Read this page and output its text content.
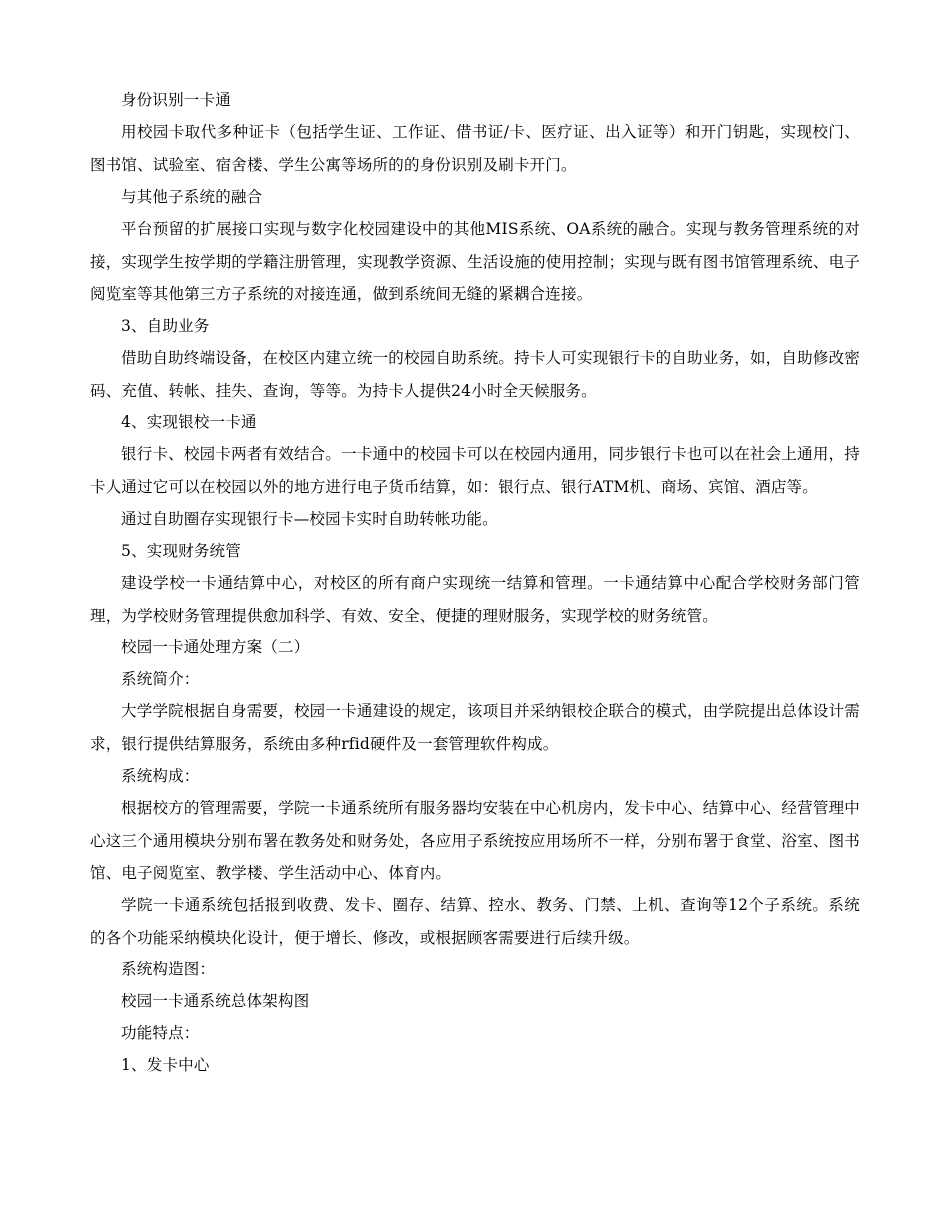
身份识别一卡通

用校园卡取代多种证卡（包括学生证、工作证、借书证/卡、医疗证、出入证等）和开门钥匙，实现校门、图书馆、试验室、宿舍楼、学生公寓等场所的的身份识别及刷卡开门。

与其他子系统的融合

平台预留的扩展接口实现与数字化校园建设中的其他MIS系统、OA系统的融合。实现与教务管理系统的对接，实现学生按学期的学籍注册管理，实现教学资源、生活设施的使用控制；实现与既有图书馆管理系统、电子阅览室等其他第三方子系统的对接连通，做到系统间无缝的紧耦合连接。

3、自助业务

借助自助终端设备，在校区内建立统一的校园自助系统。持卡人可实现银行卡的自助业务，如，自助修改密码、充值、转帐、挂失、查询，等等。为持卡人提供24小时全天候服务。

4、实现银校一卡通

银行卡、校园卡两者有效结合。一卡通中的校园卡可以在校园内通用，同步银行卡也可以在社会上通用，持卡人通过它可以在校园以外的地方进行电子货币结算，如：银行点、银行ATM机、商场、宾馆、酒店等。

通过自助圈存实现银行卡—校园卡实时自助转帐功能。

5、实现财务统管

建设学校一卡通结算中心，对校区的所有商户实现统一结算和管理。一卡通结算中心配合学校财务部门管理，为学校财务管理提供愈加科学、有效、安全、便捷的理财服务，实现学校的财务统管。

校园一卡通处理方案（二）

系统简介：

大学学院根据自身需要，校园一卡通建设的规定，该项目并采纳银校企联合的模式，由学院提出总体设计需求，银行提供结算服务，系统由多种rfid硬件及一套管理软件构成。

系统构成：

根据校方的管理需要，学院一卡通系统所有服务器均安装在中心机房内，发卡中心、结算中心、经营管理中心这三个通用模块分别布署在教务处和财务处，各应用子系统按应用场所不一样，分别布署于食堂、浴室、图书馆、电子阅览室、教学楼、学生活动中心、体育内。

学院一卡通系统包括报到收费、发卡、圈存、结算、控水、教务、门禁、上机、查询等12个子系统。系统的各个功能采纳模块化设计，便于增长、修改，或根据顾客需要进行后续升级。

系统构造图：

校园一卡通系统总体架构图

功能特点：

1、发卡中心
